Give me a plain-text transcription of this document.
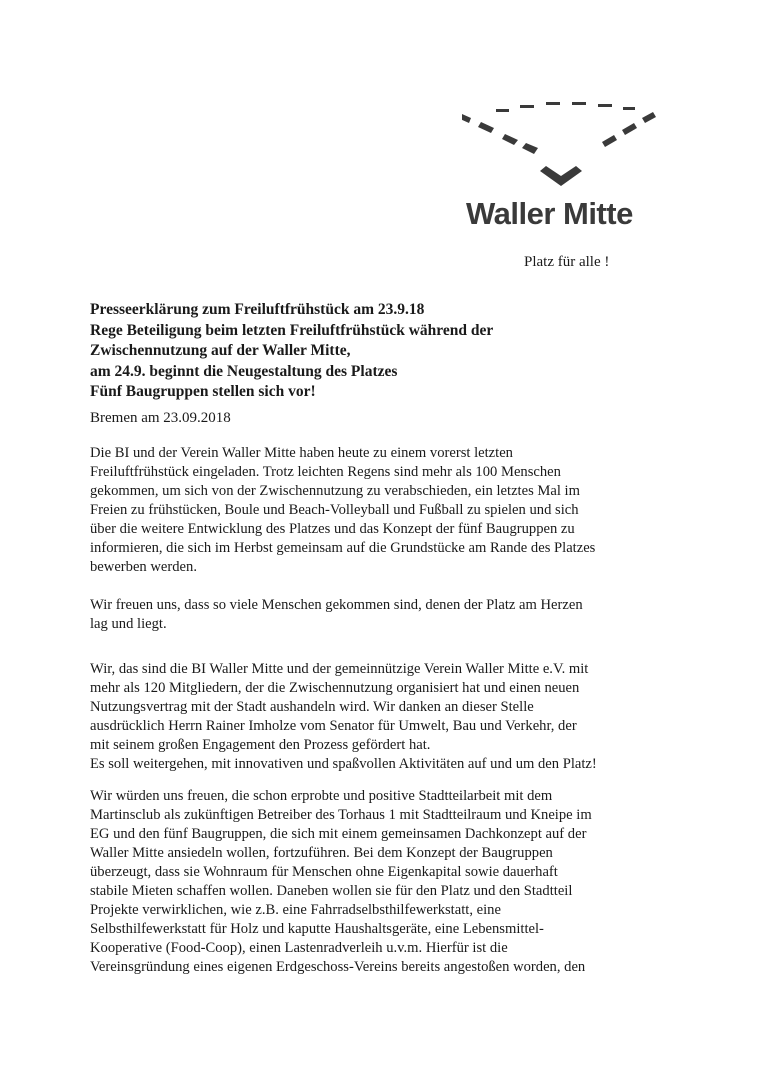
Waller Mitte
Platz für alle !
Presseerklärung zum Freiluftfrühstück am 23.9.18
Rege Beteiligung beim letzten Freiluftfrühstück während der
Zwischennutzung auf der Waller Mitte,
am 24.9. beginnt die Neugestaltung des Platzes
Fünf Baugruppen stellen sich vor!
Bremen am 23.09.2018
Die BI und der Verein Waller Mitte haben heute zu einem vorerst letzten
Freiluftfrühstück eingeladen. Trotz leichten Regens sind mehr als 100 Menschen
gekommen, um sich von der Zwischennutzung zu verabschieden, ein letztes Mal im
Freien zu frühstücken, Boule und Beach-Volleyball und Fußball zu spielen und sich
über die weitere Entwicklung des Platzes und das Konzept der fünf Baugruppen zu
informieren, die sich im Herbst gemeinsam auf die Grundstücke am Rande des Platzes
bewerben werden.
Wir freuen uns, dass so viele Menschen gekommen sind, denen der Platz am Herzen
lag und liegt.
Wir, das sind die BI Waller Mitte und der gemeinnützige Verein Waller Mitte e.V. mit
mehr als 120 Mitgliedern, der die Zwischennutzung organisiert hat und einen neuen
Nutzungsvertrag mit der Stadt aushandeln wird. Wir danken an dieser Stelle
ausdrücklich Herrn Rainer Imholze vom Senator für Umwelt, Bau und Verkehr, der
mit seinem großen Engagement den Prozess gefördert hat.
Es soll weitergehen, mit innovativen und spaßvollen Aktivitäten auf und um den Platz!
Wir würden uns freuen, die schon erprobte und positive Stadtteilarbeit mit dem
Martinsclub als zukünftigen Betreiber des Torhaus 1 mit Stadtteilraum und Kneipe im
EG und den fünf Baugruppen, die sich mit einem gemeinsamen Dachkonzept auf der
Waller Mitte ansiedeln wollen, fortzuführen. Bei dem Konzept der Baugruppen
überzeugt, dass sie Wohnraum für Menschen ohne Eigenkapital sowie dauerhaft
stabile Mieten schaffen wollen. Daneben wollen sie für den Platz und den Stadtteil
Projekte verwirklichen, wie z.B. eine Fahrradselbsthilfewerkstatt, eine
Selbsthilfewerkstatt für Holz und kaputte Haushaltsgeräte, eine Lebensmittel-
Kooperative (Food-Coop), einen Lastenradverleih u.v.m. Hierfür ist die
Vereinsgründung eines eigenen Erdgeschoss-Vereins bereits angestoßen worden, den
